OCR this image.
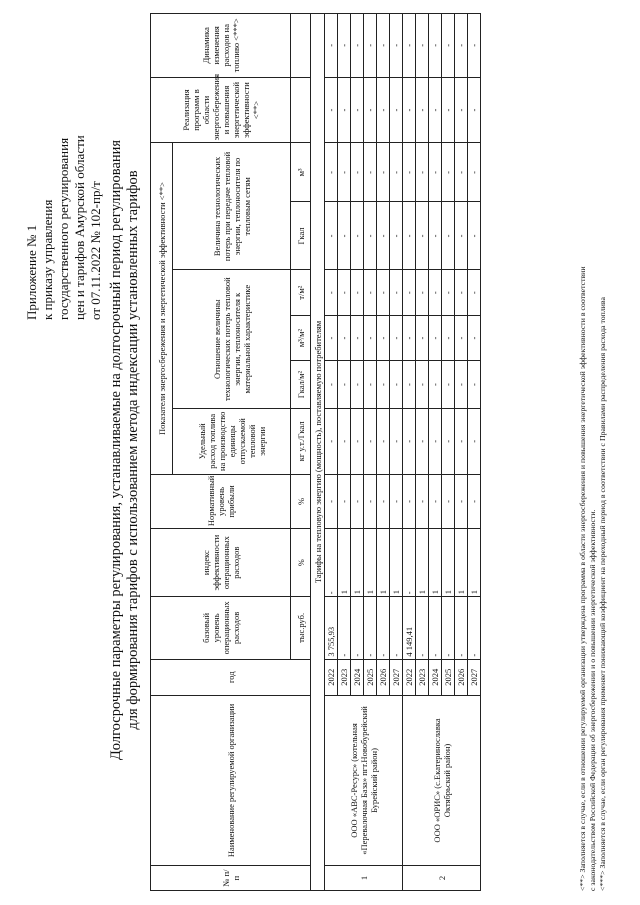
Приложение № 1 к приказу управления государственного регулирования цен и тарифов Амурской области от 07.11.2022 № 102-пр/т Долгосрочные параметры регулирования, устанавливаемые на долгосрочный период регулирования для формирования тарифов с использованием метода индексации установленных тарифов
№ п/п	Наименование регулируемой организации	год	базовый уровень операционных расходов	индекс эффективности операционных расходов	Нормативный уровень прибыли	Показатели энергосбережения и энергетической эффективности <**>						Реализация программ в области энергосбережения и повышения энергетической эффективности <**>	Динамика изменения расходов на топливо <***>
						Удельный расход топлива на производство единицы отпускаемой тепловой энергии	Отношение величины технологических потерь тепловой энергии, теплоносителя к материальной характеристике			Величина технологических потерь при передаче тепловой энергии, теплоносителя по тепловым сетям			
			тыс.руб.	%	%	кг у.т./Гкал	Гкал/м²	м³/м²	т/м²	Гкал	м³		
Тарифы на тепловую энергию (мощность), поставляемую потребителям													
1	ООО «АВС-Ресурс» (котельная «Перевалочная База» пгт.Новобурейский Бурейский район)	2022	3 755,93	-	-	-	-	-	-	-	-	-	-
		2023	-	1	-	-	-	-	-	-	-	-	-
		2024	-	1	-	-	-	-	-	-	-	-	-
		2025	-	1	-	-	-	-	-	-	-	-	-
		2026	-	1	-	-	-	-	-	-	-	-	-
		2027	-	1	-	-	-	-	-	-	-	-	-
2	ООО «ОРИС» (с.Екатеринославка Октябрьский район)	2022	4 149,41	-	-	-	-	-	-	-	-	-	-
		2023	-	1	-	-	-	-	-	-	-	-	-
		2024	-	1	-	-	-	-	-	-	-	-	-
		2025	-	1	-	-	-	-	-	-	-	-	-
		2026	-	1	-	-	-	-	-	-	-	-	-
		2027	-	1	-	-	-	-	-	-	-	-	-
<**> Заполняется в случае, если в отношении регулируемой организации утверждена программа в области энергосбережения и повышения энергетической эффективности в соответствии с законодательством Российской Федерации об энергосбережении и о повышении энергетической эффективности. <***> Заполняется в случае, если орган регулирования применяет понижающий коэффициент на переходный период в соответствии с Правилами распределения расхода топлива
